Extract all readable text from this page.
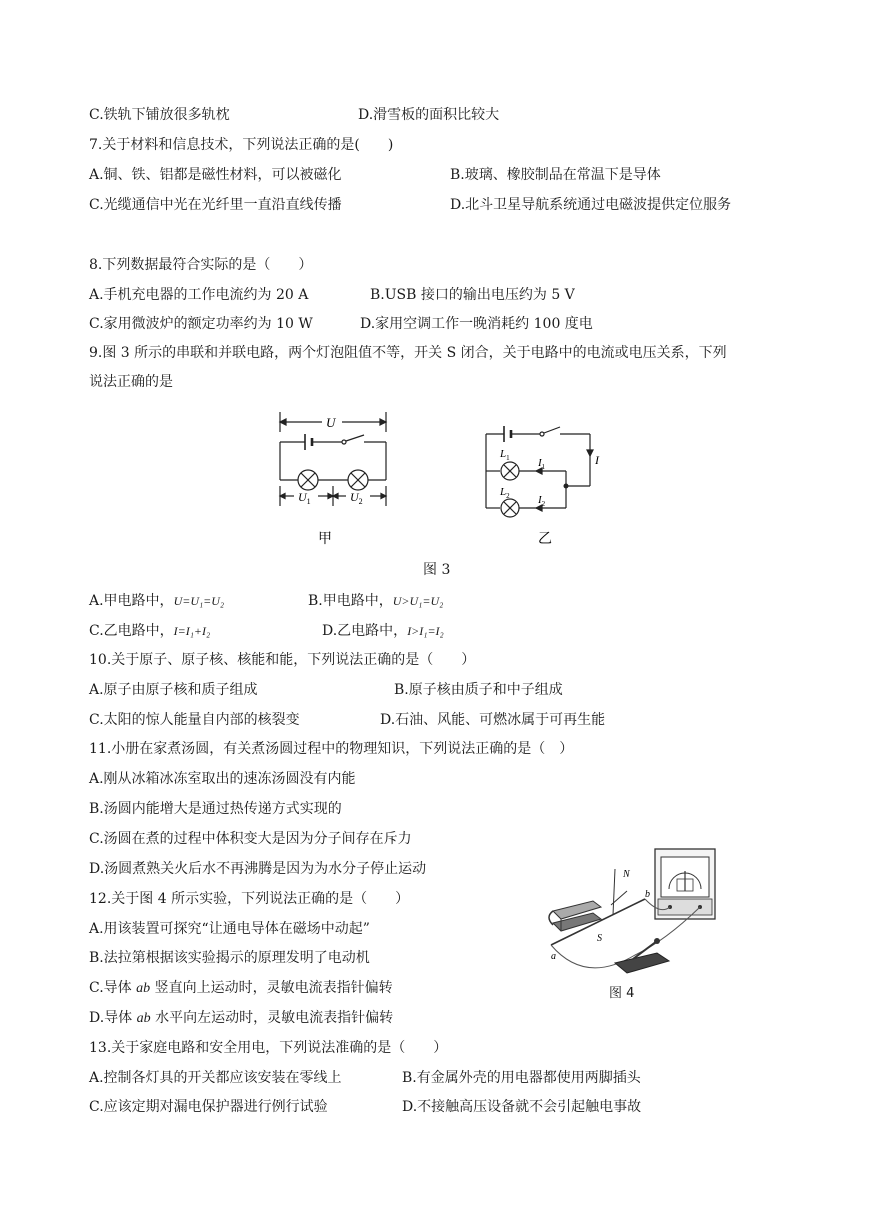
C.铁轨下铺放很多轨枕	D.滑雪板的面积比较大
7.关于材料和信息技术，下列说法正确的是(　　)
A.铜、铁、铝都是磁性材料，可以被磁化	B.玻璃、橡胶制品在常温下是导体
C.光缆通信中光在光纤里一直沿直线传播	D.北斗卫星导航系统通过电磁波提供定位服务
8.下列数据最符合实际的是（　　）
A.手机充电器的工作电流约为 20 A	B.USB 接口的输出电压约为 5 V
C.家用微波炉的额定功率约为 10 W	D.家用空调工作一晚消耗约 100 度电
9.图 3 所示的串联和并联电路，两个灯泡阻值不等，开关 S 闭合，关于电路中的电流或电压关系，下列
说法正确的是
U
$U_1$	$U_2$
甲
I
$L_1$	$I_1$
$L_2$	$I_2$
乙
图 3
A.甲电路中，U=U₁=U₂	B.甲电路中，U>U₁=U₂
C.乙电路中，I=I₁+I₂	D.乙电路中，I>I₁=I₂
10.关于原子、原子核、核能和能，下列说法正确的是（　　）
A.原子由原子核和质子组成	B.原子核由质子和中子组成
C.太阳的惊人能量自内部的核裂变	D.石油、风能、可燃冰属于可再生能
11.小册在家煮汤圆，有关煮汤圆过程中的物理知识，下列说法正确的是（　）
A.刚从冰箱冰冻室取出的速冻汤圆没有内能
B.汤圆内能增大是通过热传递方式实现的
C.汤圆在煮的过程中体积变大是因为分子间存在斥力
D.汤圆煮熟关火后水不再沸腾是因为为水分子停止运动
12.关于图 4 所示实验，下列说法正确的是（　　）
A.用该装置可探究“让通电导体在磁场中动起”
B.法拉第根据该实验揭示的原理发明了电动机
C.导体 ab 竖直向上运动时，灵敏电流表指针偏转
D.导体 ab 水平向左运动时，灵敏电流表指针偏转
N
S
a
b
图 4
13.关于家庭电路和安全用电，下列说法准确的是（　　）
A.控制各灯具的开关都应该安装在零线上	B.有金属外壳的用电器都使用两脚插头
C.应该定期对漏电保护器进行例行试验	D.不接触高压设备就不会引起触电事故
